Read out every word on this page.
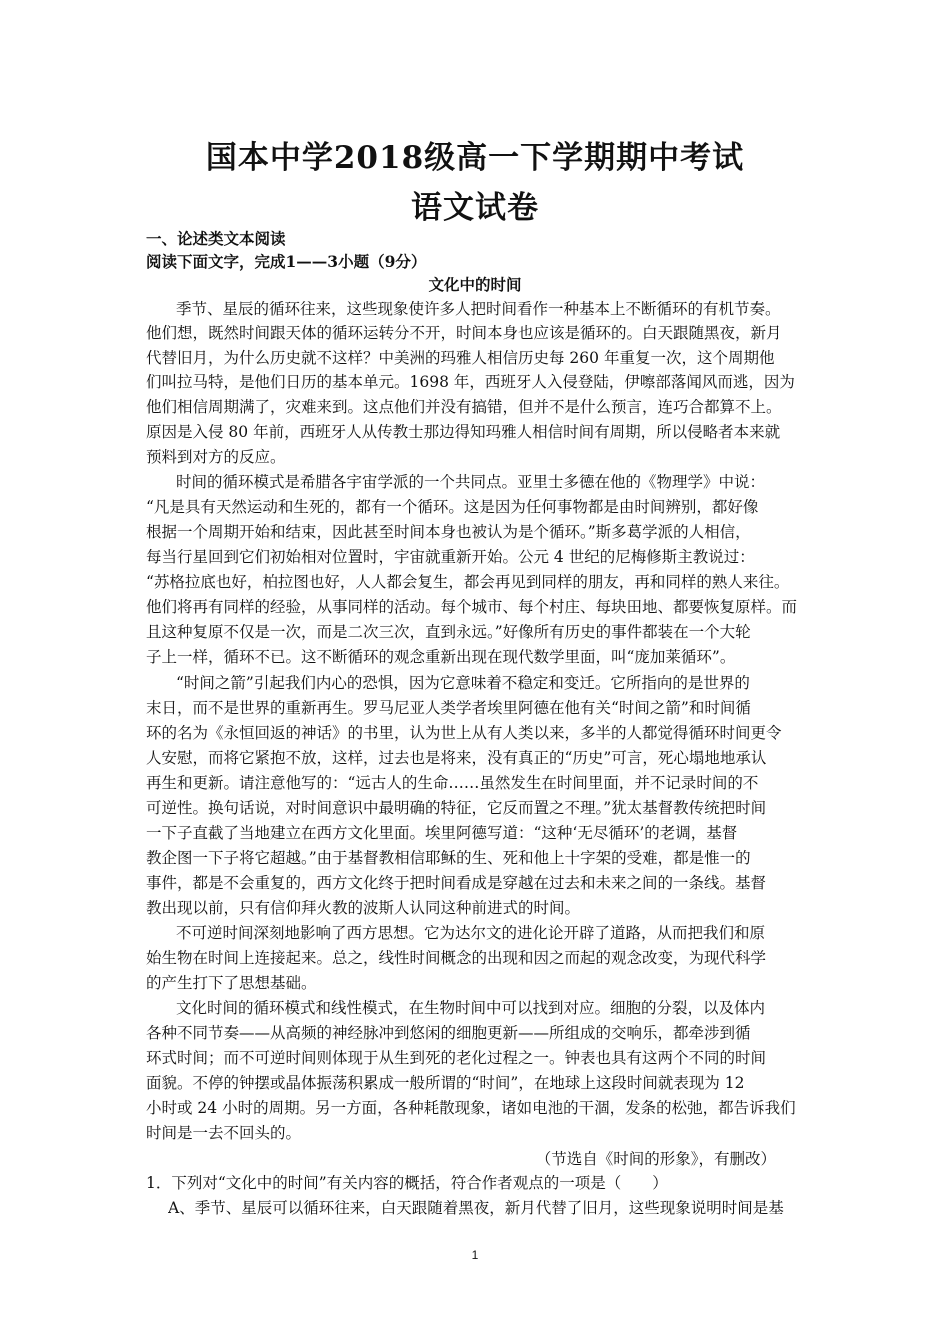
国本中学2018级高一下学期期中考试
语文试卷
一、论述类文本阅读
阅读下面文字，完成1——3小题（9分）
文化中的时间
季节、星辰的循环往来，这些现象使许多人把时间看作一种基本上不断循环的有机节奏。
他们想，既然时间跟天体的循环运转分不开，时间本身也应该是循环的。白天跟随黑夜，新月
代替旧月，为什么历史就不这样？中美洲的玛雅人相信历史每 260 年重复一次，这个周期他
们叫拉马特，是他们日历的基本单元。1698 年，西班牙人入侵登陆，伊嚓部落闻风而逃，因为
他们相信周期满了，灾难来到。这点他们并没有搞错，但并不是什么预言，连巧合都算不上。
原因是入侵 80 年前，西班牙人从传教士那边得知玛雅人相信时间有周期，所以侵略者本来就
预料到对方的反应。
时间的循环模式是希腊各宇宙学派的一个共同点。亚里士多德在他的《物理学》中说：
“凡是具有天然运动和生死的，都有一个循环。这是因为任何事物都是由时间辨别，都好像
根据一个周期开始和结束，因此甚至时间本身也被认为是个循环。”斯多葛学派的人相信，
每当行星回到它们初始相对位置时，宇宙就重新开始。公元 4 世纪的尼梅修斯主教说过：
“苏格拉底也好，柏拉图也好，人人都会复生，都会再见到同样的朋友，再和同样的熟人来往。
他们将再有同样的经验，从事同样的活动。每个城市、每个村庄、每块田地、都要恢复原样。而
且这种复原不仅是一次，而是二次三次，直到永远。”好像所有历史的事件都装在一个大轮
子上一样，循环不已。这不断循环的观念重新出现在现代数学里面，叫“庞加莱循环”。
“时间之箭”引起我们内心的恐惧，因为它意味着不稳定和变迁。它所指向的是世界的
末日，而不是世界的重新再生。罗马尼亚人类学者埃里阿德在他有关“时间之箭”和时间循
环的名为《永恒回返的神话》的书里，认为世上从有人类以来，多半的人都觉得循环时间更令
人安慰，而将它紧抱不放，这样，过去也是将来，没有真正的“历史”可言，死心塌地地承认
再生和更新。请注意他写的：“远古人的生命……虽然发生在时间里面，并不记录时间的不
可逆性。换句话说，对时间意识中最明确的特征，它反而置之不理。”犹太基督教传统把时间
一下子直截了当地建立在西方文化里面。埃里阿德写道：“这种‘无尽循环’的老调，基督
教企图一下子将它超越。”由于基督教相信耶稣的生、死和他上十字架的受难，都是惟一的
事件，都是不会重复的，西方文化终于把时间看成是穿越在过去和未来之间的一条线。基督
教出现以前，只有信仰拜火教的波斯人认同这种前进式的时间。
不可逆时间深刻地影响了西方思想。它为达尔文的进化论开辟了道路，从而把我们和原
始生物在时间上连接起来。总之，线性时间概念的出现和因之而起的观念改变，为现代科学
的产生打下了思想基础。
文化时间的循环模式和线性模式，在生物时间中可以找到对应。细胞的分裂，以及体内
各种不同节奏——从高频的神经脉冲到悠闲的细胞更新——所组成的交响乐，都牵涉到循
环式时间；而不可逆时间则体现于从生到死的老化过程之一。钟表也具有这两个不同的时间
面貌。不停的钟摆或晶体振荡积累成一般所谓的“时间”，在地球上这段时间就表现为 12
小时或 24 小时的周期。另一方面，各种耗散现象，诸如电池的干涸，发条的松弛，都告诉我们
时间是一去不回头的。
（节选自《时间的形象》，有删改）
1．下列对“文化中的时间”有关内容的概括，符合作者观点的一项是（　　）
A、季节、星辰可以循环往来，白天跟随着黑夜，新月代替了旧月，这些现象说明时间是基
1
